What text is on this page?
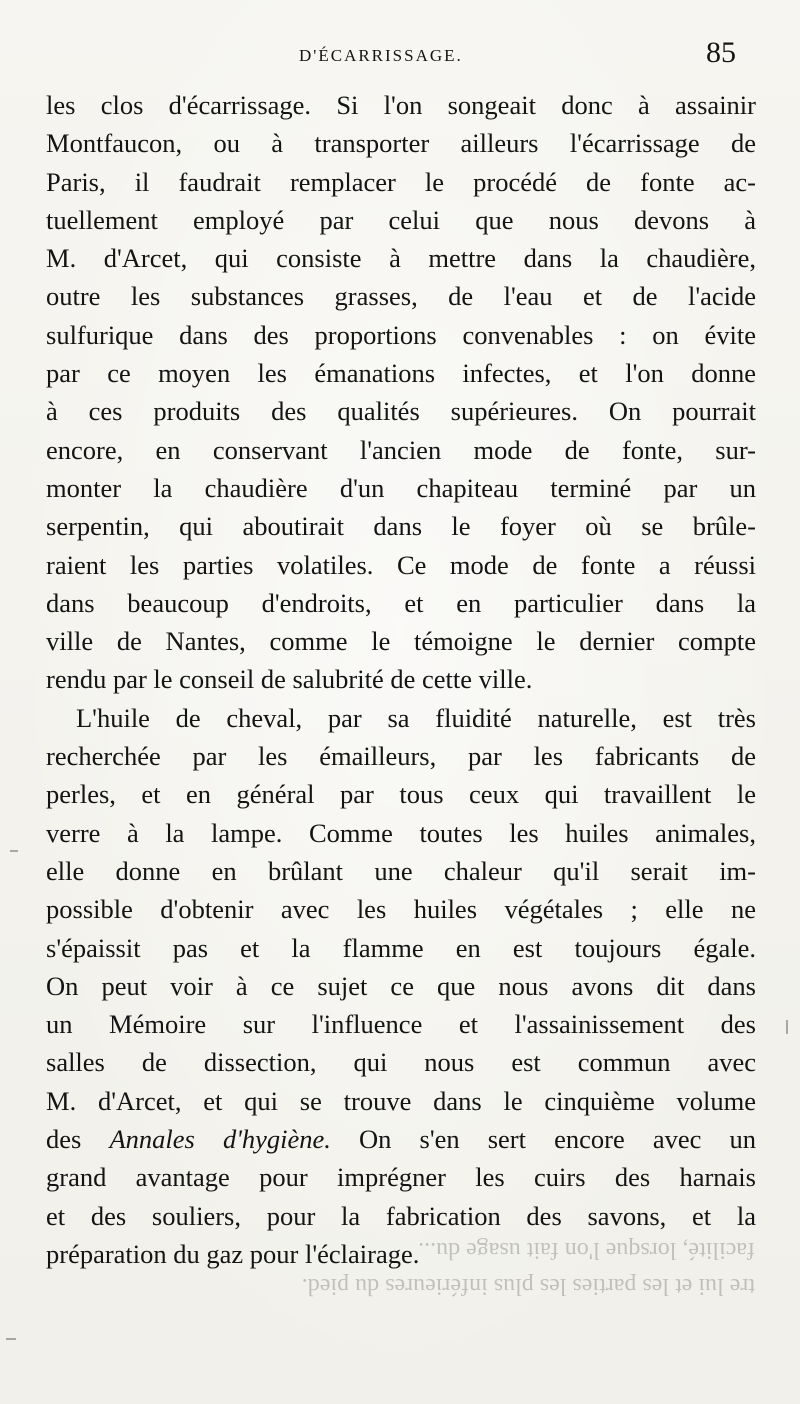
D'ÉCARRISSAGE.	85
les clos d'écarrissage. Si l'on songeait donc à assainir
Montfaucon, ou à transporter ailleurs l'écarrissage de
Paris, il faudrait remplacer le procédé de fonte ac-
tuellement employé par celui que nous devons à
M. d'Arcet, qui consiste à mettre dans la chaudière,
outre les substances grasses, de l'eau et de l'acide
sulfurique dans des proportions convenables : on évite
par ce moyen les émanations infectes, et l'on donne
à ces produits des qualités supérieures. On pourrait
encore, en conservant l'ancien mode de fonte, sur-
monter la chaudière d'un chapiteau terminé par un
serpentin, qui aboutirait dans le foyer où se brûle-
raient les parties volatiles. Ce mode de fonte a réussi
dans beaucoup d'endroits, et en particulier dans la
ville de Nantes, comme le témoigne le dernier compte
rendu par le conseil de salubrité de cette ville.
L'huile de cheval, par sa fluidité naturelle, est très
recherchée par les émailleurs, par les fabricants de
perles, et en général par tous ceux qui travaillent le
verre à la lampe. Comme toutes les huiles animales,
elle donne en brûlant une chaleur qu'il serait im-
possible d'obtenir avec les huiles végétales ; elle ne
s'épaissit pas et la flamme en est toujours égale.
On peut voir à ce sujet ce que nous avons dit dans
un Mémoire sur l'influence et l'assainissement des
salles de dissection, qui nous est commun avec
M. d'Arcet, et qui se trouve dans le cinquième volume
des Annales d'hygiène. On s'en sert encore avec un
grand avantage pour imprégner les cuirs des harnais
et des souliers, pour la fabrication des savons, et la
préparation du gaz pour l'éclairage.
tre lui et les parties les plus inférieures du pied.
facilité, lorsque l'on fait usage du...
